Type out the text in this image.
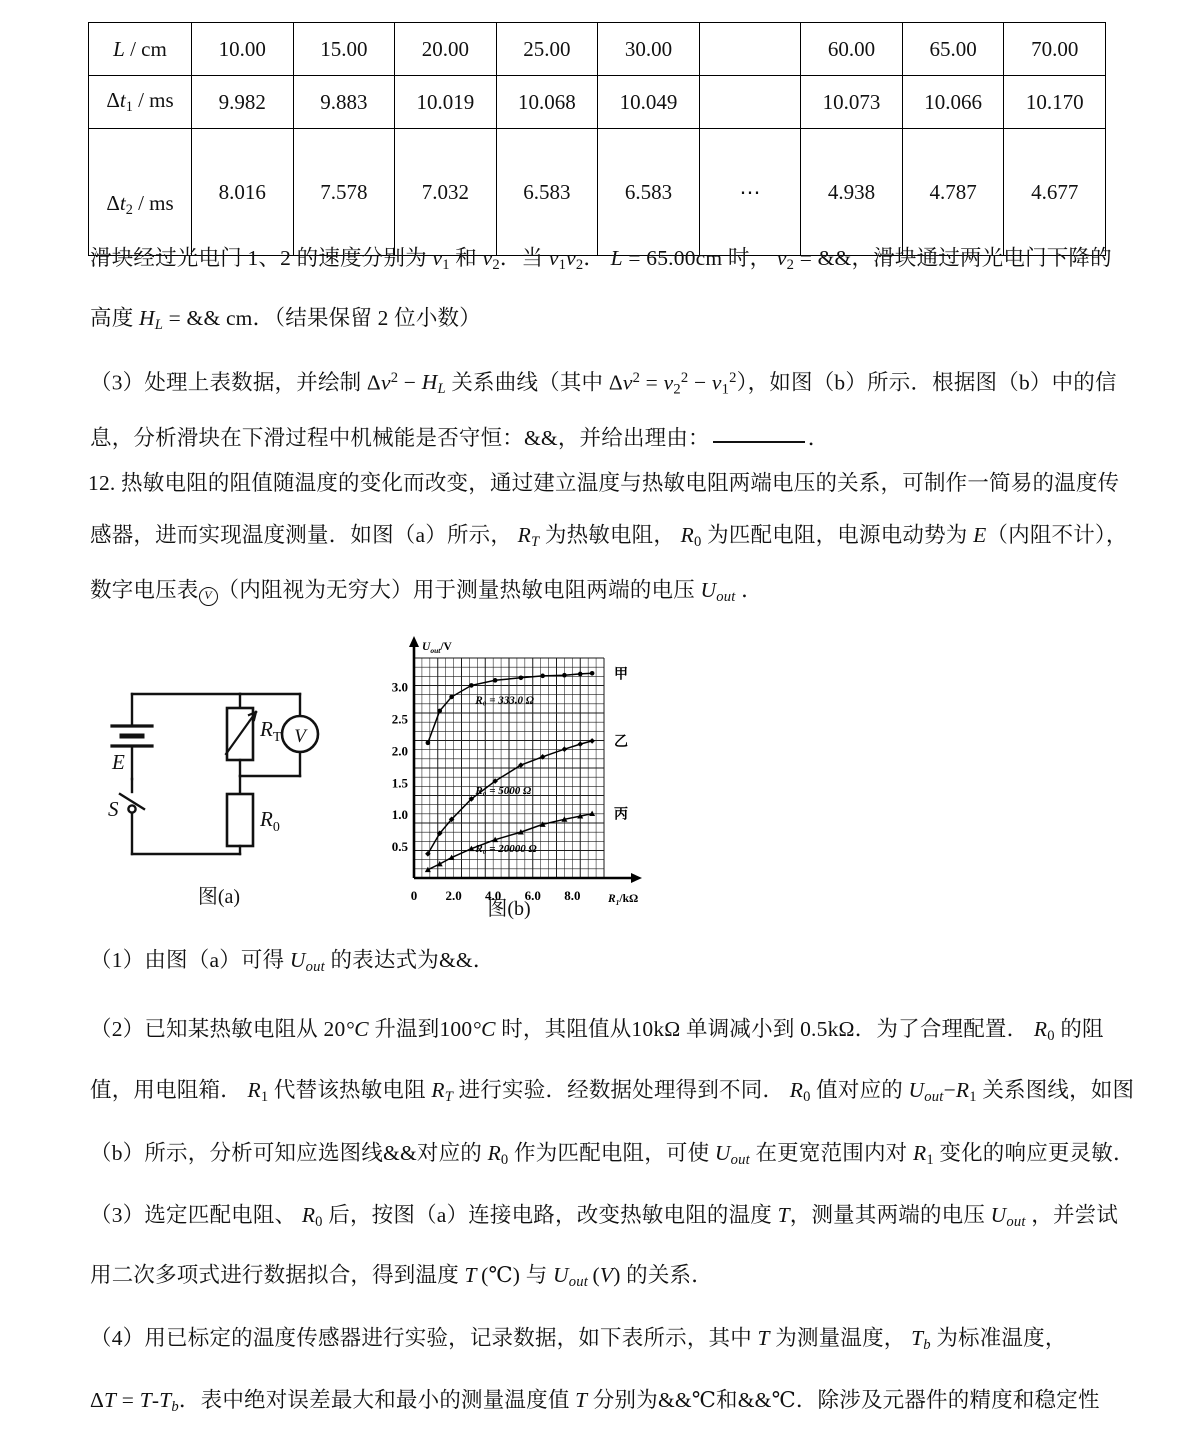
L / cm	10.00	15.00	20.00	25.00	30.00		60.00	65.00	70.00
$\Delta t_1$ / ms	9.982	9.883	10.019	10.068	10.049		10.073	10.066	10.170
$\Delta t_2$ / ms	8.016	7.578	7.032	6.583	6.583	⋯	4.938	4.787	4.677
滑块经过光电门 1、2 的速度分别为 $v_1$ 和 $v_2$．当 $v_1v_2$． L = 65.00cm 时， $v_2$ = &&，滑块通过两光电门下降的
高度 $H_L$ = && cm．（结果保留 2 位小数）
（3）处理上表数据，并绘制 $\Delta v^2 - H_L$ 关系曲线（其中 $\Delta v^2 = v_2^2 - v_1^2$），如图（b）所示．根据图（b）中的信
息，分析滑块在下滑过程中机械能是否守恒：&&，并给出理由：	．
12. 热敏电阻的阻值随温度的变化而改变，通过建立温度与热敏电阻两端电压的关系，可制作一简易的温度传
感器，进而实现温度测量．如图（a）所示， $R_T$ 为热敏电阻， $R_0$ 为匹配电阻，电源电动势为 E（内阻不计），
数字电压表 V （内阻视为无穷大）用于测量热敏电阻两端的电压 $U_{out}$ ．
E
S
$R_T$
$R_0$
V
图(a)
$U_{out}/V$
$R_1/k\Omega$
0.5
1.0
1.5
2.0
2.5
3.0
0 2.0 4.0 6.0 8.0
甲
R₀ = 333.0 Ω
乙
R₀ = 5000 Ω
丙
R₀ = 20000 Ω
图(b)
（1）由图（a）可得 $U_{out}$ 的表达式为&&．
（2）已知某热敏电阻从 20°C 升温到100°C 时，其阻值从10kΩ 单调减小到 0.5kΩ．为了合理配置． $R_0$ 的阻
值，用电阻箱． $R_1$ 代替该热敏电阻 $R_T$ 进行实验．经数据处理得到不同． $R_0$ 值对应的 $U_{out}-R_1$ 关系图线，如图
（b）所示，分析可知应选图线&&对应的 $R_0$ 作为匹配电阻，可使 $U_{out}$ 在更宽范围内对 $R_1$ 变化的响应更灵敏．
（3）选定匹配电阻、 $R_0$ 后，按图（a）连接电路，改变热敏电阻的温度 T，测量其两端的电压 $U_{out}$ ，并尝试
用二次多项式进行数据拟合，得到温度 T (℃) 与 $U_{out}$ (V) 的关系．
（4）用已标定的温度传感器进行实验，记录数据，如下表所示，其中 T 为测量温度， $T_b$ 为标准温度，
$\Delta T = T-T_b$．表中绝对误差最大和最小的测量温度值 T 分别为&&℃和&&℃．除涉及元器件的精度和稳定性
